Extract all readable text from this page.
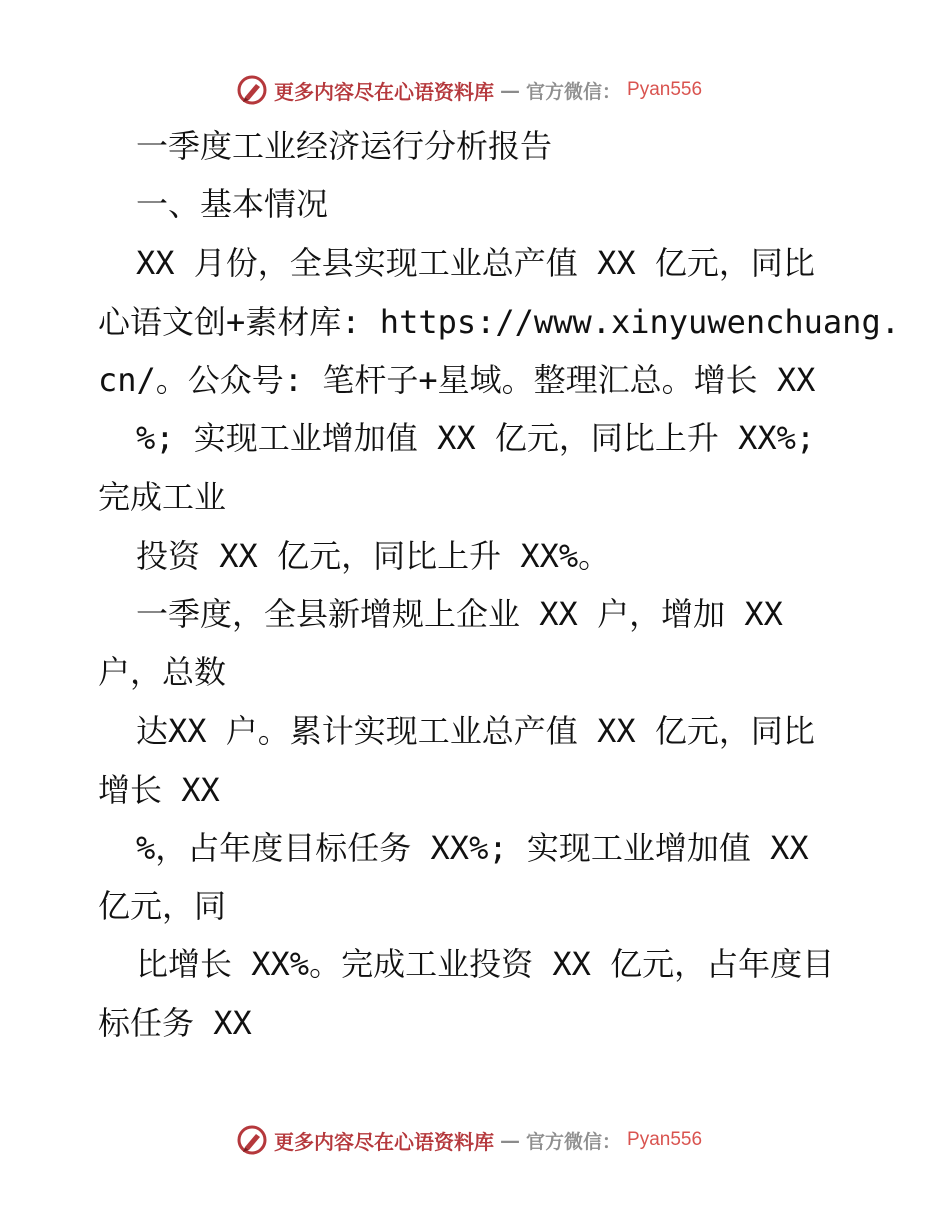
更多内容尽在心语资料库 — 官方微信： Pyan556
一季度工业经济运行分析报告
一、基本情况
XX 月份，全县实现工业总产值 XX 亿元，同比
心语文创+素材库: https://www.xinyuwenchuang.
cn/。公众号: 笔杆子+星域。整理汇总。增长 XX
%; 实现工业增加值 XX 亿元，同比上升 XX%;
完成工业
投资 XX 亿元，同比上升 XX%。
一季度，全县新增规上企业 XX 户，增加 XX
户，总数
达XX 户。累计实现工业总产值 XX 亿元，同比
增长 XX
%，占年度目标任务 XX%; 实现工业增加值 XX
亿元，同
比增长 XX%。完成工业投资 XX 亿元，占年度目
标任务 XX
更多内容尽在心语资料库 — 官方微信： Pyan556
